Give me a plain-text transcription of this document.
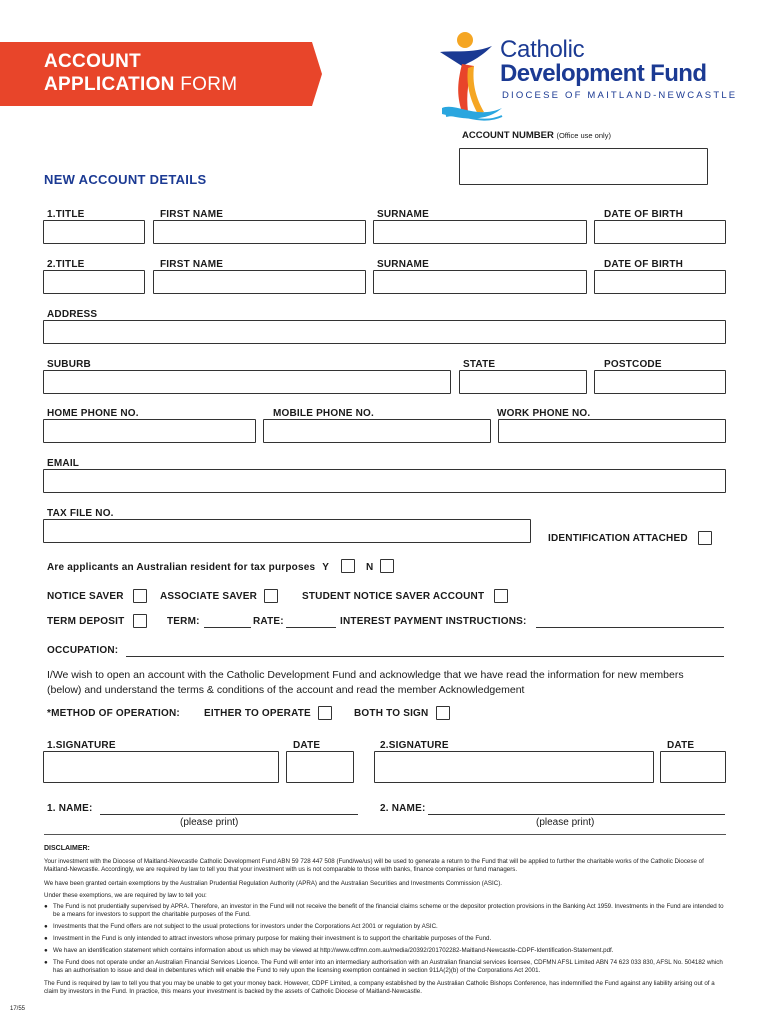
ACCOUNT
APPLICATION FORM
Catholic
Development Fund
DIOCESE OF MAITLAND-NEWCASTLE
ACCOUNT NUMBER (Office use only)
NEW ACCOUNT DETAILS
1.TITLE	FIRST NAME	SURNAME	DATE OF BIRTH
2.TITLE	FIRST NAME	SURNAME	DATE OF BIRTH
ADDRESS
SUBURB	STATE	POSTCODE
HOME PHONE NO.	MOBILE PHONE NO.	WORK PHONE NO.
EMAIL
TAX FILE NO.
IDENTIFICATION ATTACHED
Are applicants an Australian resident for tax purposes Y	N
NOTICE SAVER	ASSOCIATE SAVER	STUDENT NOTICE SAVER ACCOUNT
TERM DEPOSIT	TERM:	RATE:	INTEREST PAYMENT INSTRUCTIONS:
OCCUPATION:
I/We wish to open an account with the Catholic Development Fund and acknowledge that we have read the information for new members
(below) and understand the terms & conditions of the account and read the member Acknowledgement
*METHOD OF OPERATION: EITHER TO OPERATE	BOTH TO SIGN
1.SIGNATURE	DATE	2.SIGNATURE	DATE
1. NAME:
(please print)
2. NAME:
(please print)
DISCLAIMER:
Your investment with the Diocese of Maitland-Newcastle Catholic Development Fund ABN 59 728 447 508 (Fund/we/us) will be used to generate a return to the Fund that will be applied to further the charitable works of the Catholic Diocese of Maitland-Newcastle. Accordingly, we are required by law to tell you that your investment with us is not comparable to those with banks, finance companies or fund managers.
We have been granted certain exemptions by the Australian Prudential Regulation Authority (APRA) and the Australian Securities and Investments Commission (ASIC).
Under these exemptions, we are required by law to tell you:
● The Fund is not prudentially supervised by APRA. Therefore, an investor in the Fund will not receive the benefit of the financial claims scheme or the depositor protection provisions in the Banking Act 1959. Investments in the Fund are intended to be a means for investors to support the charitable purposes of the Fund.
● Investments that the Fund offers are not subject to the usual protections for investors under the Corporations Act 2001 or regulation by ASIC.
● Investment in the Fund is only intended to attract investors whose primary purpose for making their investment is to support the charitable purposes of the Fund.
● We have an identification statement which contains information about us which may be viewed at http://www.cdfmn.com.au/media/20392/201702282-Maitland-Newcastle-CDPF-Identification-Statement.pdf.
● The Fund does not operate under an Australian Financial Services Licence. The Fund will enter into an intermediary authorisation with an Australian financial services licensee, CDFMN AFSL Limited ABN 74 623 033 830, AFSL No. 504182 which has an authorisation to issue and deal in debentures which will enable the Fund to rely upon the licensing exemption contained in section 911A(2)(b) of the Corporations Act 2001.
The Fund is required by law to tell you that you may be unable to get your money back. However, CDPF Limited, a company established by the Australian Catholic Bishops Conference, has indemnified the Fund against any liability arising out of a claim by investors in the Fund. In practice, this means your investment is backed by the assets of Catholic Diocese of Maitland-Newcastle.
17/55
